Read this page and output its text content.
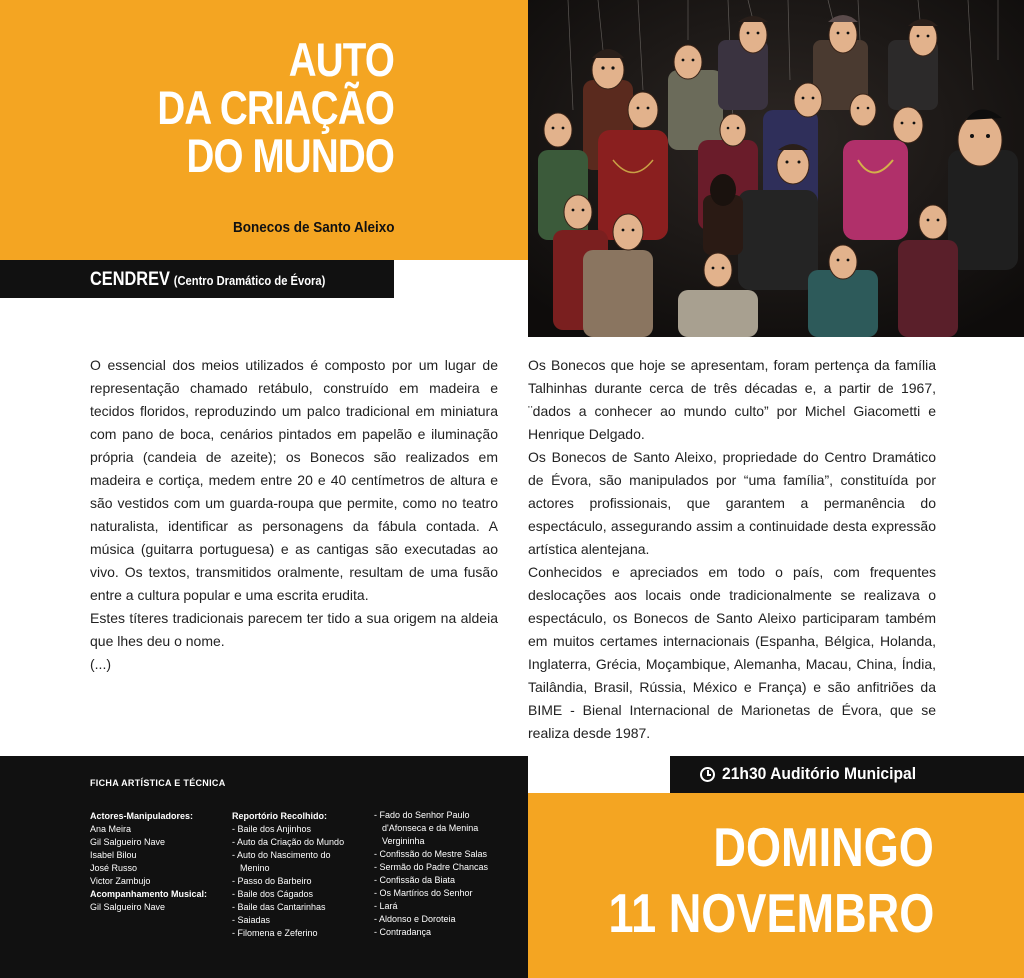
AUTO
DA CRIAÇÃO
DO MUNDO
Bonecos de Santo Aleixo
CENDREV (Centro Dramático de Évora)

O essencial dos meios utilizados é composto por um lugar de representação chamado retábulo, construído em madeira e tecidos floridos, reproduzindo um palco tradicional em miniatura com pano de boca, cenários pintados em papelão e iluminação própria (candeia de azeite); os Bonecos são realizados em madeira e cortiça, medem entre 20 e 40 centímetros de altura e são vestidos com um guarda-roupa que permite, como no teatro naturalista, identificar as personagens da fábula contada. A música (guitarra portuguesa) e as cantigas são executadas ao vivo. Os textos, transmitidos oralmente, resultam de uma fusão entre a cultura popular e uma escrita erudita.

Estes títeres tradicionais parecem ter tido a sua origem na aldeia que lhes deu o nome.

(...)

Os Bonecos que hoje se apresentam, foram pertença da família Talhinhas durante cerca de três décadas e, a partir de 1967, ¨dados a conhecer ao mundo culto” por Michel Giacometti e Henrique Delgado.

Os Bonecos de Santo Aleixo, propriedade do Centro Dramático de Évora, são manipulados por “uma família”, constituída por actores profissionais, que garantem a permanência do espectáculo, assegurando assim a continuidade desta expressão artística alentejana.

Conhecidos e apreciados em todo o país, com frequentes deslocações aos locais onde tradicionalmente se realizava o espectáculo, os Bonecos de Santo Aleixo participaram também em muitos certames internacionais (Espanha, Bélgica, Holanda, Inglaterra, Grécia, Moçambique, Alemanha, Macau, China, Índia, Tailândia, Brasil, Rússia, México e França) e são anfitriões da BIME - Bienal Internacional de Marionetas de Évora, que se realiza desde 1987.

FICHA ARTÍSTICA E TÉCNICA
Actores-Manipuladores:
Ana Meira
Gil Salgueiro Nave
Isabel Bilou
José Russo
Victor Zambujo
Acompanhamento Musical:
Gil Salgueiro Nave
Reportório Recolhido:
- Baile dos Anjinhos
- Auto da Criação do Mundo
- Auto do Nascimento do
Menino
- Passo do Barbeiro
- Baile dos Cágados
- Baile das Cantarinhas
- Saiadas
- Filomena e Zeferino
- Fado do Senhor Paulo
d'Afonseca e da Menina
Vergininha
- Confissão do Mestre Salas
- Sermão do Padre Chancas
- Confissão da Biata
- Os Martírios do Senhor
- Lará
- Aldonso e Doroteia
- Contradança
21h30 Auditório Municipal
DOMINGO
11 NOVEMBRO
